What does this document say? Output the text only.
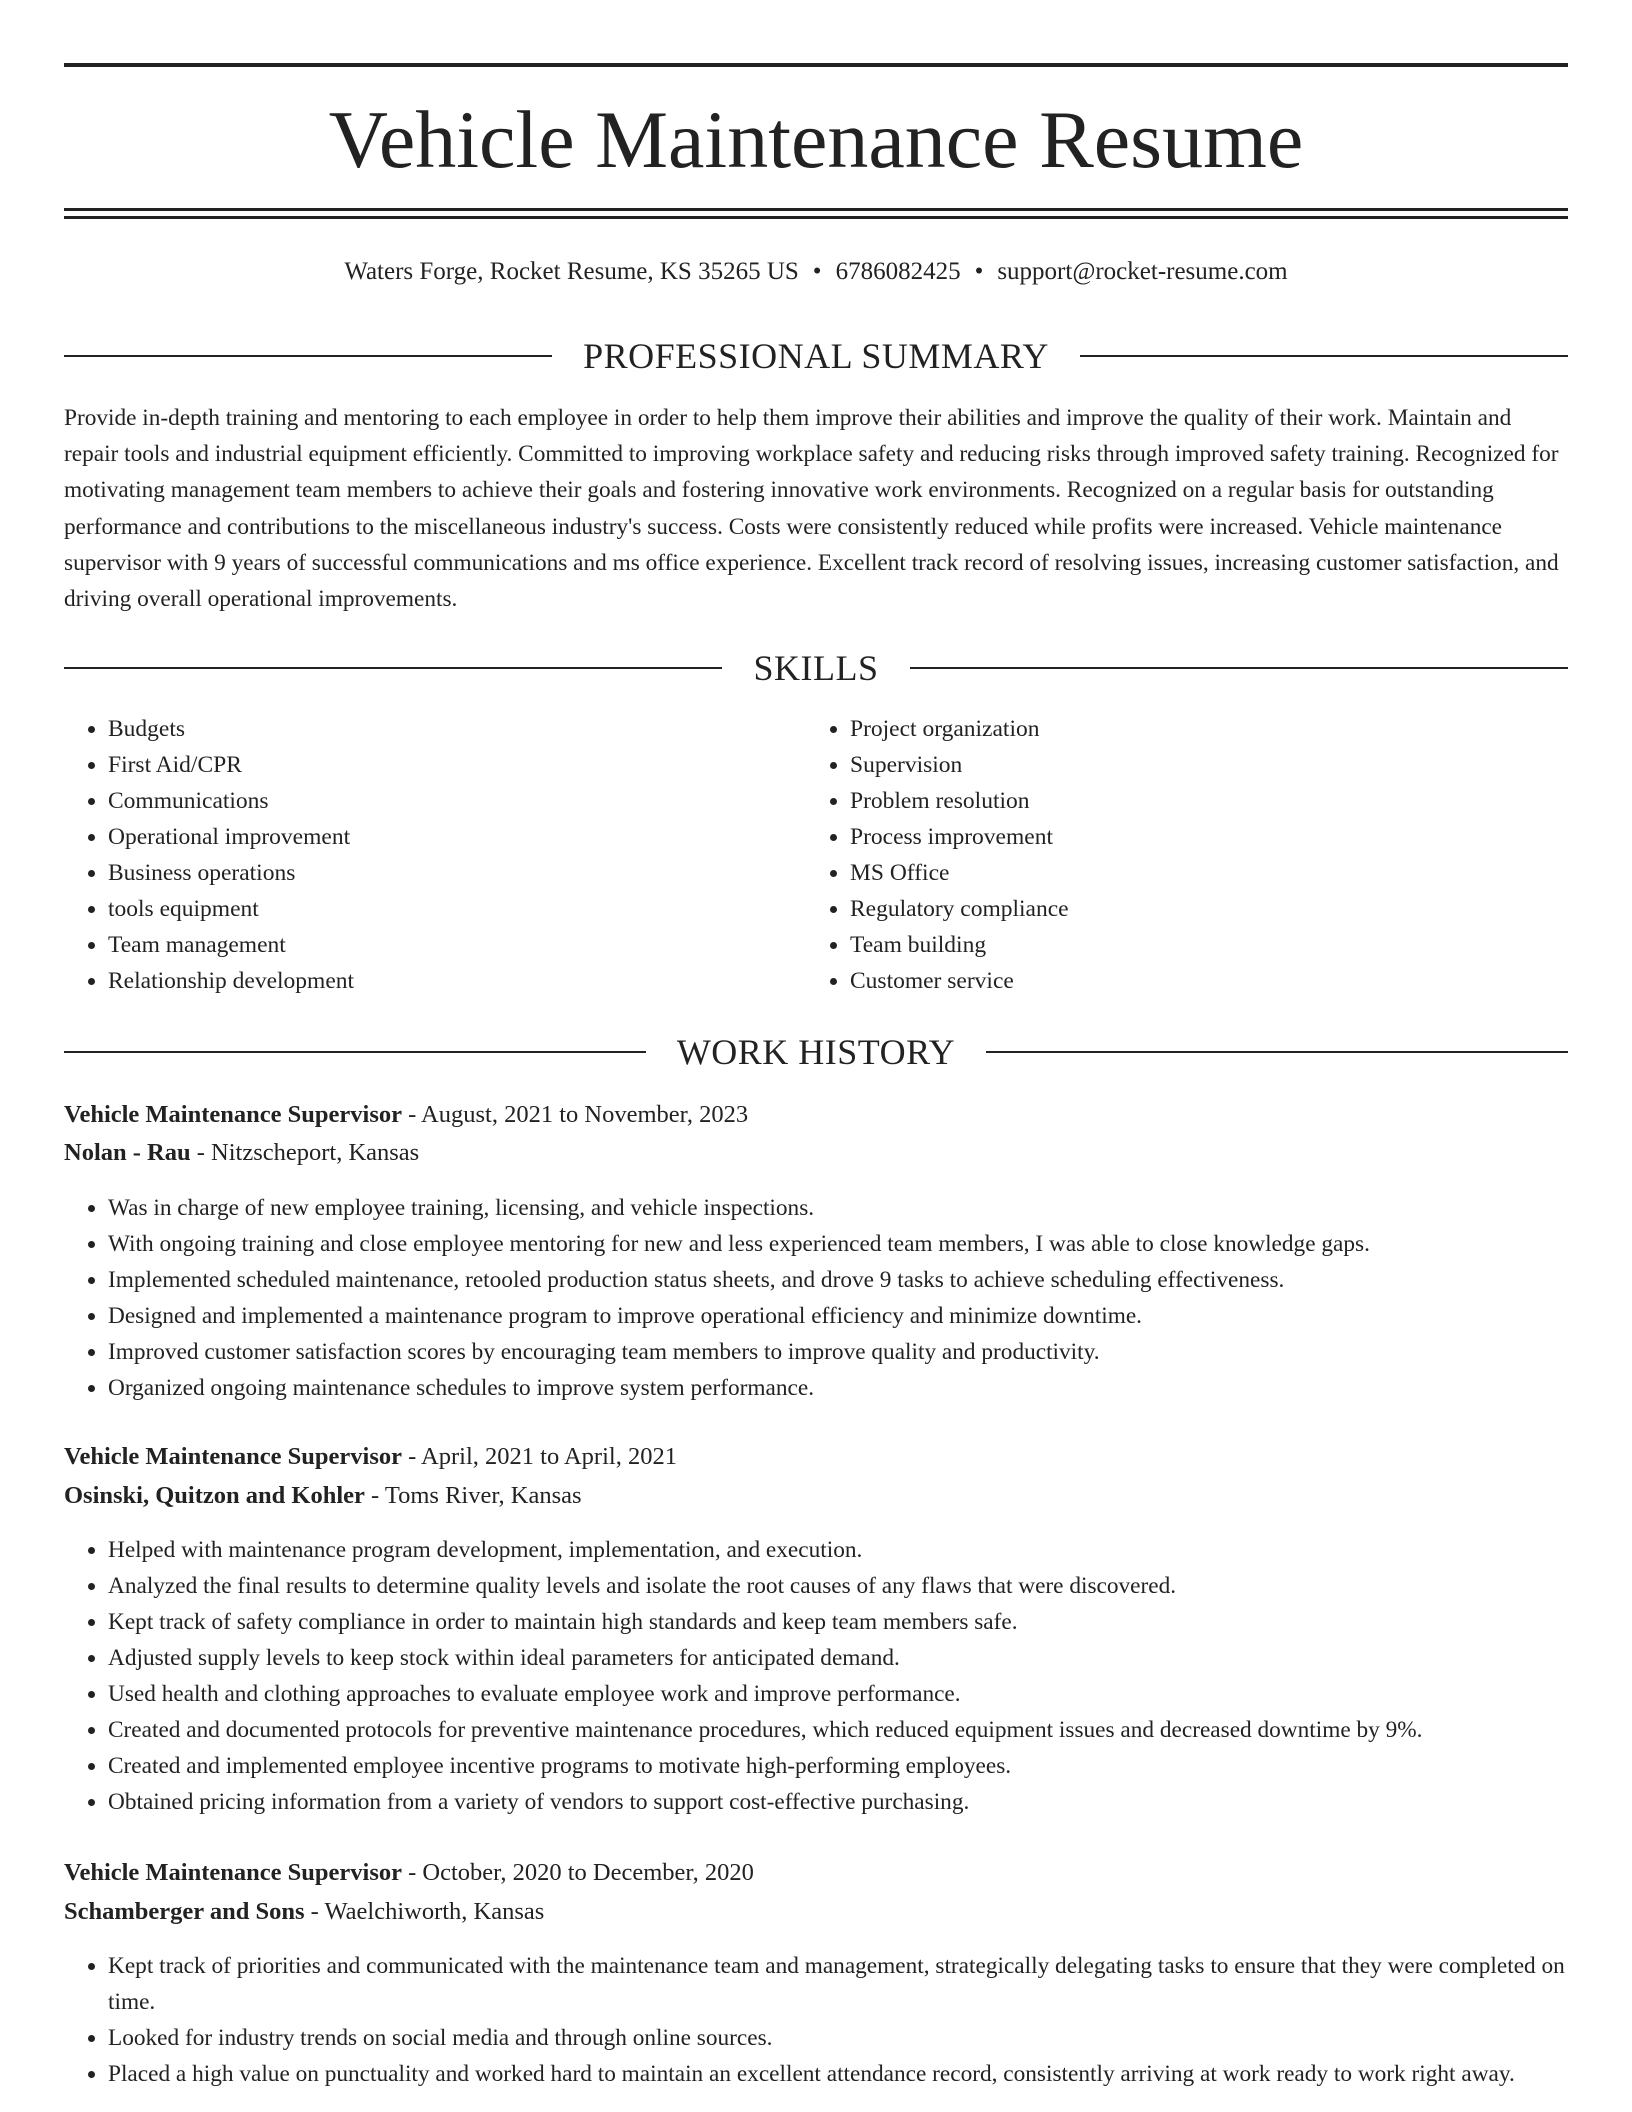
Vehicle Maintenance Resume
Waters Forge, Rocket Resume, KS 35265 US • 6786082425 • support@rocket-resume.com
PROFESSIONAL SUMMARY

Provide in-depth training and mentoring to each employee in order to help them improve their abilities and improve the quality of their work. Maintain and repair tools and industrial equipment efficiently. Committed to improving workplace safety and reducing risks through improved safety training. Recognized for motivating management team members to achieve their goals and fostering innovative work environments. Recognized on a regular basis for outstanding performance and contributions to the miscellaneous industry's success. Costs were consistently reduced while profits were increased. Vehicle maintenance supervisor with 9 years of successful communications and ms office experience. Excellent track record of resolving issues, increasing customer satisfaction, and driving overall operational improvements.

SKILLS
• Budgets
• First Aid/CPR
• Communications
• Operational improvement
• Business operations
• tools equipment
• Team management
• Relationship development
• Project organization
• Supervision
• Problem resolution
• Process improvement
• MS Office
• Regulatory compliance
• Team building
• Customer service
WORK HISTORY
Vehicle Maintenance Supervisor - August, 2021 to November, 2023
Nolan - Rau - Nitzscheport, Kansas
• Was in charge of new employee training, licensing, and vehicle inspections.
• With ongoing training and close employee mentoring for new and less experienced team members, I was able to close knowledge gaps.
• Implemented scheduled maintenance, retooled production status sheets, and drove 9 tasks to achieve scheduling effectiveness.
• Designed and implemented a maintenance program to improve operational efficiency and minimize downtime.
• Improved customer satisfaction scores by encouraging team members to improve quality and productivity.
• Organized ongoing maintenance schedules to improve system performance.
Vehicle Maintenance Supervisor - April, 2021 to April, 2021
Osinski, Quitzon and Kohler - Toms River, Kansas
• Helped with maintenance program development, implementation, and execution.
• Analyzed the final results to determine quality levels and isolate the root causes of any flaws that were discovered.
• Kept track of safety compliance in order to maintain high standards and keep team members safe.
• Adjusted supply levels to keep stock within ideal parameters for anticipated demand.
• Used health and clothing approaches to evaluate employee work and improve performance.
• Created and documented protocols for preventive maintenance procedures, which reduced equipment issues and decreased downtime by 9%.
• Created and implemented employee incentive programs to motivate high-performing employees.
• Obtained pricing information from a variety of vendors to support cost-effective purchasing.
Vehicle Maintenance Supervisor - October, 2020 to December, 2020
Schamberger and Sons - Waelchiworth, Kansas
• Kept track of priorities and communicated with the maintenance team and management, strategically delegating tasks to ensure that they were completed on time.
• Looked for industry trends on social media and through online sources.
• Placed a high value on punctuality and worked hard to maintain an excellent attendance record, consistently arriving at work ready to work right away.
